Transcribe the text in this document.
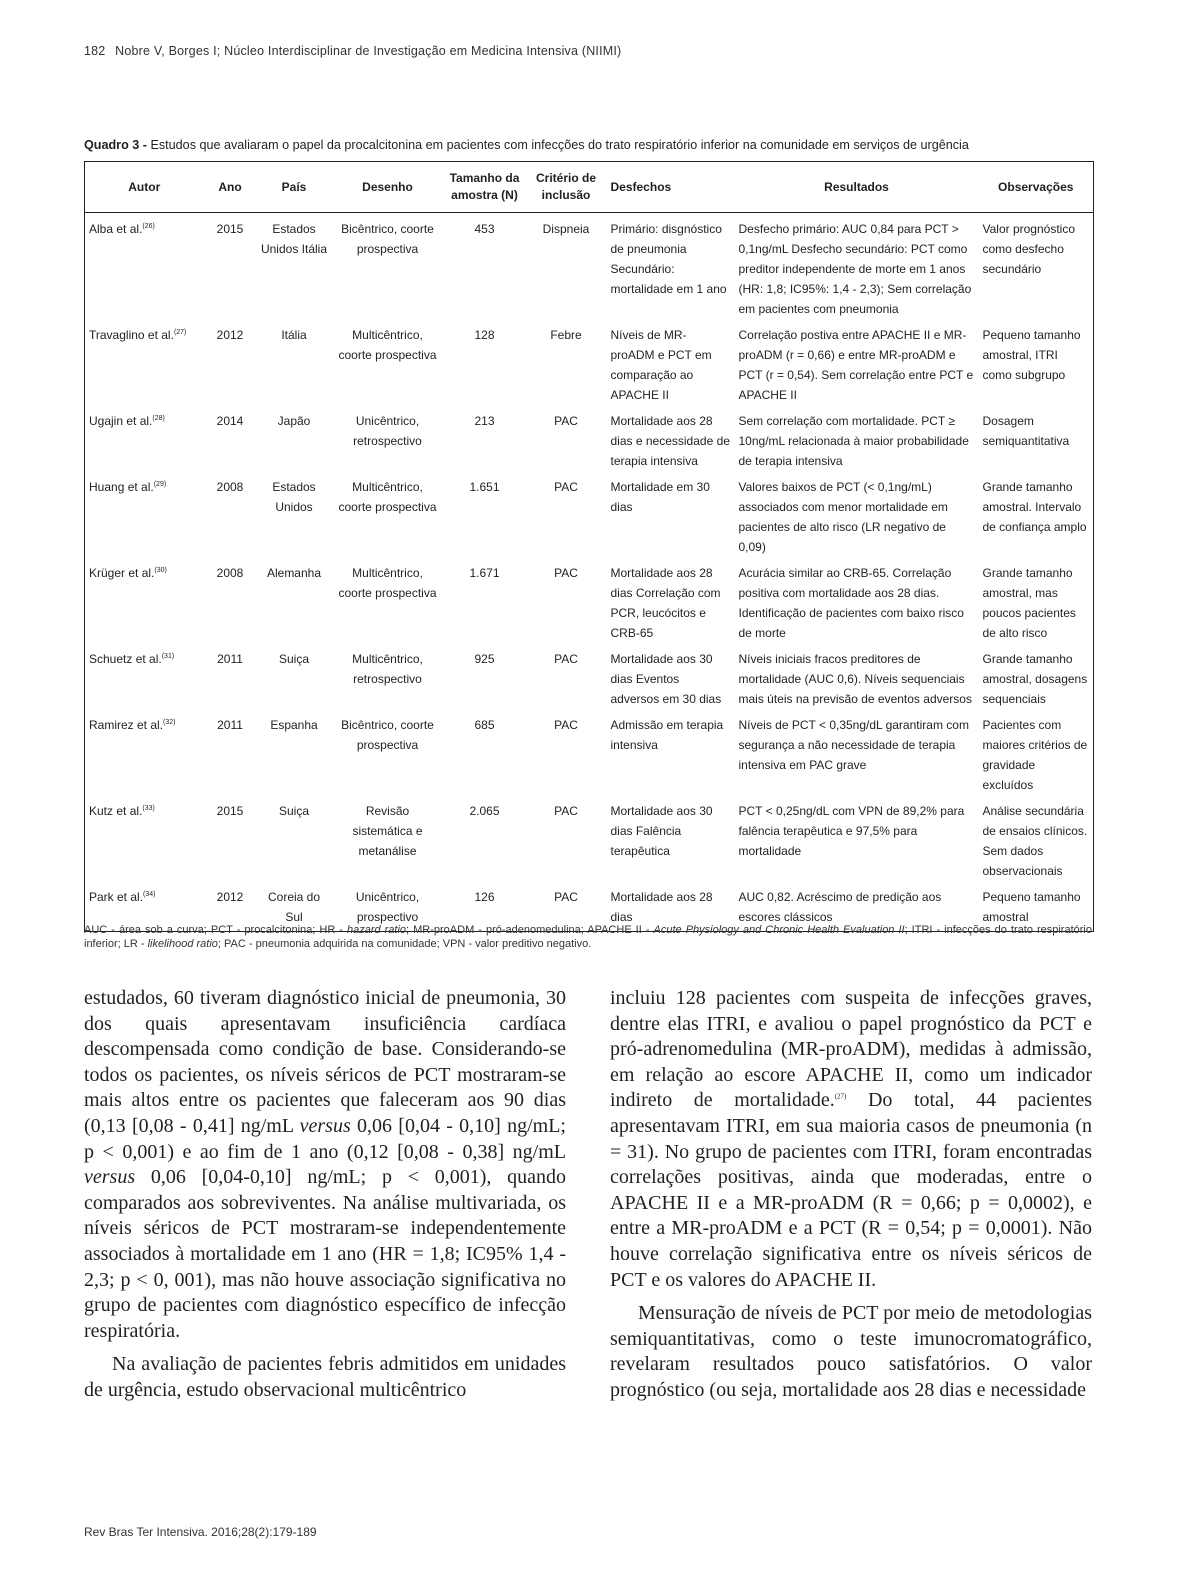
182 Nobre V, Borges I; Núcleo Interdisciplinar de Investigação em Medicina Intensiva (NIIMI)
Quadro 3 - Estudos que avaliaram o papel da procalcitonina em pacientes com infecções do trato respiratório inferior na comunidade em serviços de urgência
Autor	Ano	País	Desenho	Tamanho da amostra (N)	Critério de inclusão	Desfechos	Resultados	Observações
Alba et al.$^{(26)}$	2015	Estados Unidos Itália	Bicêntrico, coorte prospectiva	453	Dispneia	Primário: disgnóstico de pneumonia Secundário: mortalidade em 1 ano	Desfecho primário: AUC 0,84 para PCT > 0,1ng/mL Desfecho secundário: PCT como preditor independente de morte em 1 anos (HR: 1,8; IC95%: 1,4 - 2,3); Sem correlação em pacientes com pneumonia	Valor prognóstico como desfecho secundário
Travaglino et al.$^{(27)}$	2012	Itália	Multicêntrico, coorte prospectiva	128	Febre	Níveis de MR-proADM e PCT em comparação ao APACHE II	Correlação postiva entre APACHE II e MR-proADM (r = 0,66) e entre MR-proADM e PCT (r = 0,54). Sem correlação entre PCT e APACHE II	Pequeno tamanho amostral, ITRI como subgrupo
Ugajin et al.$^{(28)}$	2014	Japão	Unicêntrico, retrospectivo	213	PAC	Mortalidade aos 28 dias e necessidade de terapia intensiva	Sem correlação com mortalidade. PCT ≥ 10ng/mL relacionada à maior probabilidade de terapia intensiva	Dosagem semiquantitativa
Huang et al.$^{(29)}$	2008	Estados Unidos	Multicêntrico, coorte prospectiva	1.651	PAC	Mortalidade em 30 dias	Valores baixos de PCT (< 0,1ng/mL) associados com menor mortalidade em pacientes de alto risco (LR negativo de 0,09)	Grande tamanho amostral. Intervalo de confiança amplo
Krüger et al.$^{(30)}$	2008	Alemanha	Multicêntrico, coorte prospectiva	1.671	PAC	Mortalidade aos 28 dias Correlação com PCR, leucócitos e CRB-65	Acurácia similar ao CRB-65. Correlação positiva com mortalidade aos 28 dias. Identificação de pacientes com baixo risco de morte	Grande tamanho amostral, mas poucos pacientes de alto risco
Schuetz et al.$^{(31)}$	2011	Suiça	Multicêntrico, retrospectivo	925	PAC	Mortalidade aos 30 dias Eventos adversos em 30 dias	Níveis iniciais fracos preditores de mortalidade (AUC 0,6). Níveis sequenciais mais úteis na previsão de eventos adversos	Grande tamanho amostral, dosagens sequenciais
Ramirez et al.$^{(32)}$	2011	Espanha	Bicêntrico, coorte prospectiva	685	PAC	Admissão em terapia intensiva	Níveis de PCT < 0,35ng/dL garantiram com segurança a não necessidade de terapia intensiva em PAC grave	Pacientes com maiores critérios de gravidade excluídos
Kutz et al.$^{(33)}$	2015	Suiça	Revisão sistemática e metanálise	2.065	PAC	Mortalidade aos 30 dias Falência terapêutica	PCT < 0,25ng/dL com VPN de 89,2% para falência terapêutica e 97,5% para mortalidade	Análise secundária de ensaios clínicos. Sem dados observacionais
Park et al.$^{(34)}$	2012	Coreia do Sul	Unicêntrico, prospectivo	126	PAC	Mortalidade aos 28 dias	AUC 0,82. Acréscimo de predição aos escores clássicos	Pequeno tamanho amostral
AUC - área sob a curva; PCT - procalcitonina; HR - hazard ratio; MR-proADM - pró-adenomedulina; APACHE II - Acute Physiology and Chronic Health Evaluation II; ITRI - infecções do trato respiratório inferior; LR - likelihood ratio; PAC - pneumonia adquirida na comunidade; VPN - valor preditivo negativo.

estudados, 60 tiveram diagnóstico inicial de pneumonia, 30 dos quais apresentavam insuficiência cardíaca descompensada como condição de base. Considerando-se todos os pacientes, os níveis séricos de PCT mostraram-se mais altos entre os pacientes que faleceram aos 90 dias (0,13 [0,08 - 0,41] ng/mL versus 0,06 [0,04 - 0,10] ng/mL; p < 0,001) e ao fim de 1 ano (0,12 [0,08 - 0,38] ng/mL versus 0,06 [0,04-0,10] ng/mL; p < 0,001), quando comparados aos sobreviventes. Na análise multivariada, os níveis séricos de PCT mostraram-se independentemente associados à mortalidade em 1 ano (HR = 1,8; IC95% 1,4 - 2,3; p < 0, 001), mas não houve associação significativa no grupo de pacientes com diagnóstico específico de infecção respiratória.

Na avaliação de pacientes febris admitidos em unidades de urgência, estudo observacional multicêntrico

incluiu 128 pacientes com suspeita de infecções graves, dentre elas ITRI, e avaliou o papel prognóstico da PCT e pró-adrenomedulina (MR-proADM), medidas à admissão, em relação ao escore APACHE II, como um indicador indireto de mortalidade.$^{(27)}$ Do total, 44 pacientes apresentavam ITRI, em sua maioria casos de pneumonia (n = 31). No grupo de pacientes com ITRI, foram encontradas correlações positivas, ainda que moderadas, entre o APACHE II e a MR-proADM (R = 0,66; p = 0,0002), e entre a MR-proADM e a PCT (R = 0,54; p = 0,0001). Não houve correlação significativa entre os níveis séricos de PCT e os valores do APACHE II.

Mensuração de níveis de PCT por meio de metodologias semiquantitativas, como o teste imunocromatográfico, revelaram resultados pouco satisfatórios. O valor prognóstico (ou seja, mortalidade aos 28 dias e necessidade

Rev Bras Ter Intensiva. 2016;28(2):179-189
